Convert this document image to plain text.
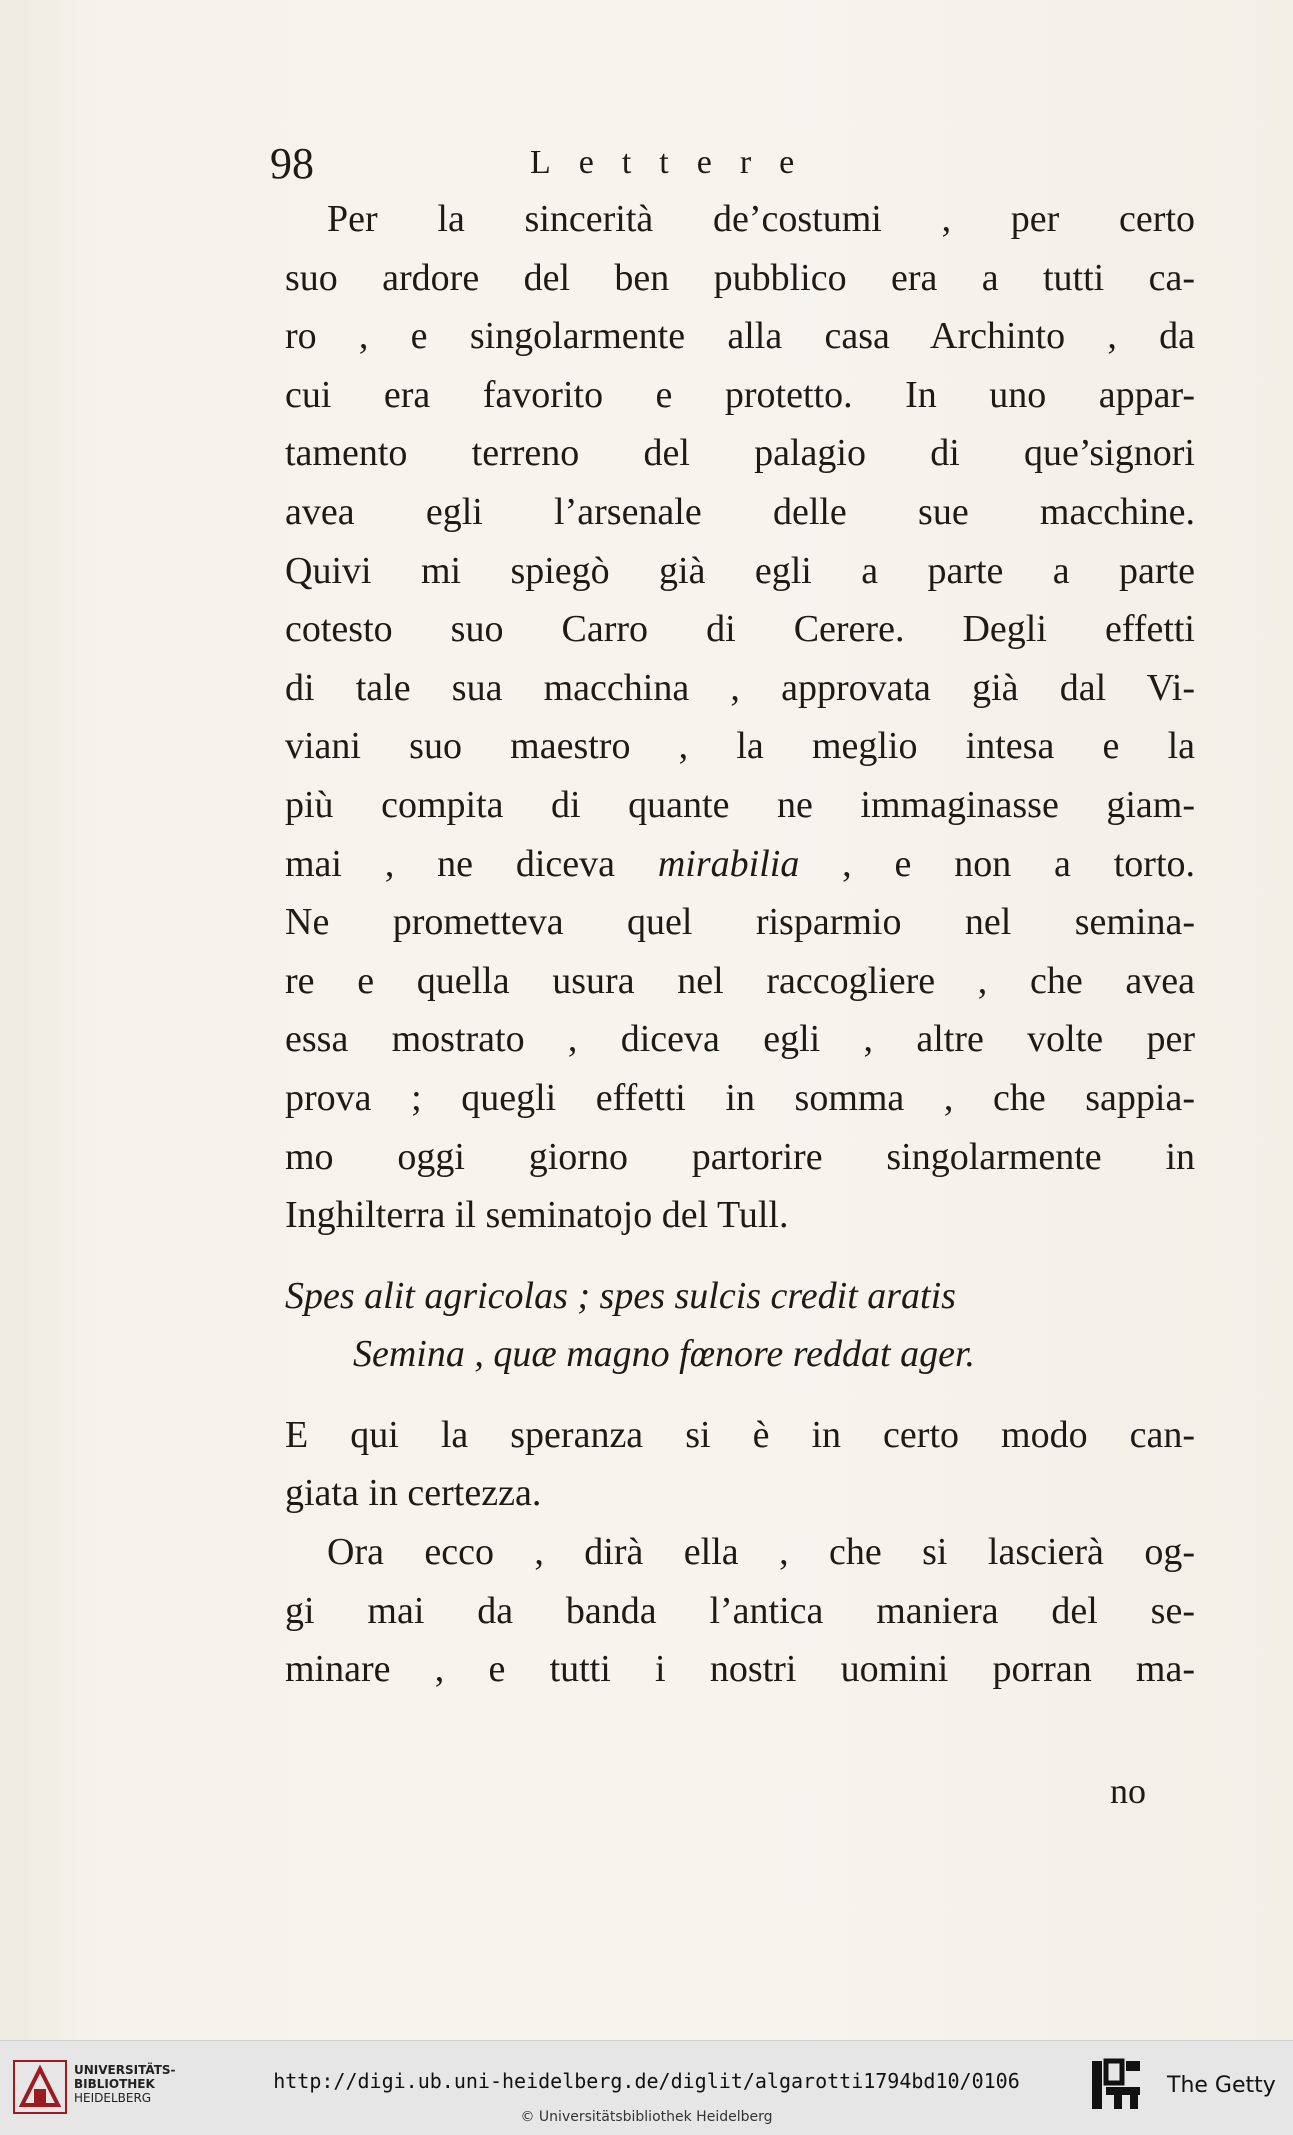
98	Lettere
Per la sincerità de’costumi , per certo
suo ardore del ben pubblico era a tutti ca-
ro , e singolarmente alla casa Archinto , da
cui era favorito e protetto. In uno appar-
tamento terreno del palagio di que’signori
avea egli l’arsenale delle sue macchine.
Quivi mi spiegò già egli a parte a parte
cotesto suo Carro di Cerere. Degli effetti
di tale sua macchina , approvata già dal Vi-
viani suo maestro , la meglio intesa e la
più compita di quante ne immaginasse giam-
mai , ne diceva mirabilia , e non a torto.
Ne prometteva quel risparmio nel semina-
re e quella usura nel raccogliere , che avea
essa mostrato , diceva egli , altre volte per
prova ; quegli effetti in somma , che sappia-
mo oggi giorno partorire singolarmente in
Inghilterra il seminatojo del Tull.
Spes alit agricolas ; spes sulcis credit aratis
Semina , quæ magno fœnore reddat ager.
E qui la speranza si è in certo modo can-
giata in certezza.
Ora ecco , dirà ella , che si lascierà og-
gi mai da banda l’antica maniera del se-
minare , e tutti i nostri uomini porran ma-
no
UNIVERSITÄTS-
BIBLIOTHEK
HEIDELBERG
http://digi.ub.uni-heidelberg.de/diglit/algarotti1794bd10/0106
© Universitätsbibliothek Heidelberg
The Getty
